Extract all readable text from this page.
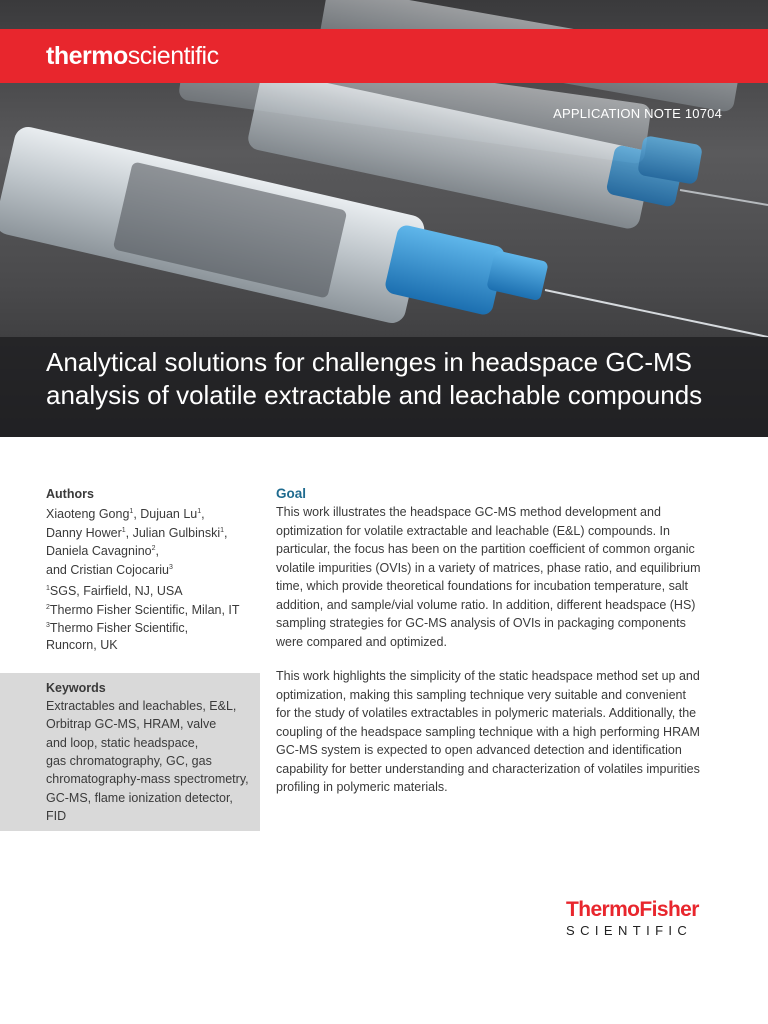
thermoscientific
APPLICATION NOTE 10704
Analytical solutions for challenges in headspace GC-MS
analysis of volatile extractable and leachable compounds
Authors
Xiaoteng Gong$^1$, Dujuan Lu$^1$,
Danny Hower$^1$, Julian Gulbinski$^1$,
Daniela Cavagnino$^2$,
and Cristian Cojocariu$^3$
$^1$SGS, Fairfield, NJ, USA
$^2$Thermo Fisher Scientific, Milan, IT
$^3$Thermo Fisher Scientific,
Runcorn, UK
Keywords
Extractables and leachables, E&L,
Orbitrap GC-MS, HRAM, valve
and loop, static headspace,
gas chromatography, GC, gas
chromatography-mass spectrometry,
GC-MS, flame ionization detector,
FID
Goal
This work illustrates the headspace GC-MS method development and
optimization for volatile extractable and leachable (E&L) compounds. In
particular, the focus has been on the partition coefficient of common organic
volatile impurities (OVIs) in a variety of matrices, phase ratio, and equilibrium
time, which provide theoretical foundations for incubation temperature, salt
addition, and sample/vial volume ratio. In addition, different headspace (HS)
sampling strategies for GC-MS analysis of OVIs in packaging components
were compared and optimized.
This work highlights the simplicity of the static headspace method set up and
optimization, making this sampling technique very suitable and convenient
for the study of volatiles extractables in polymeric materials. Additionally, the
coupling of the headspace sampling technique with a high performing HRAM
GC-MS system is expected to open advanced detection and identification
capability for better understanding and characterization of volatiles impurities
profiling in polymeric materials.
ThermoFisher
SCIENTIFIC
